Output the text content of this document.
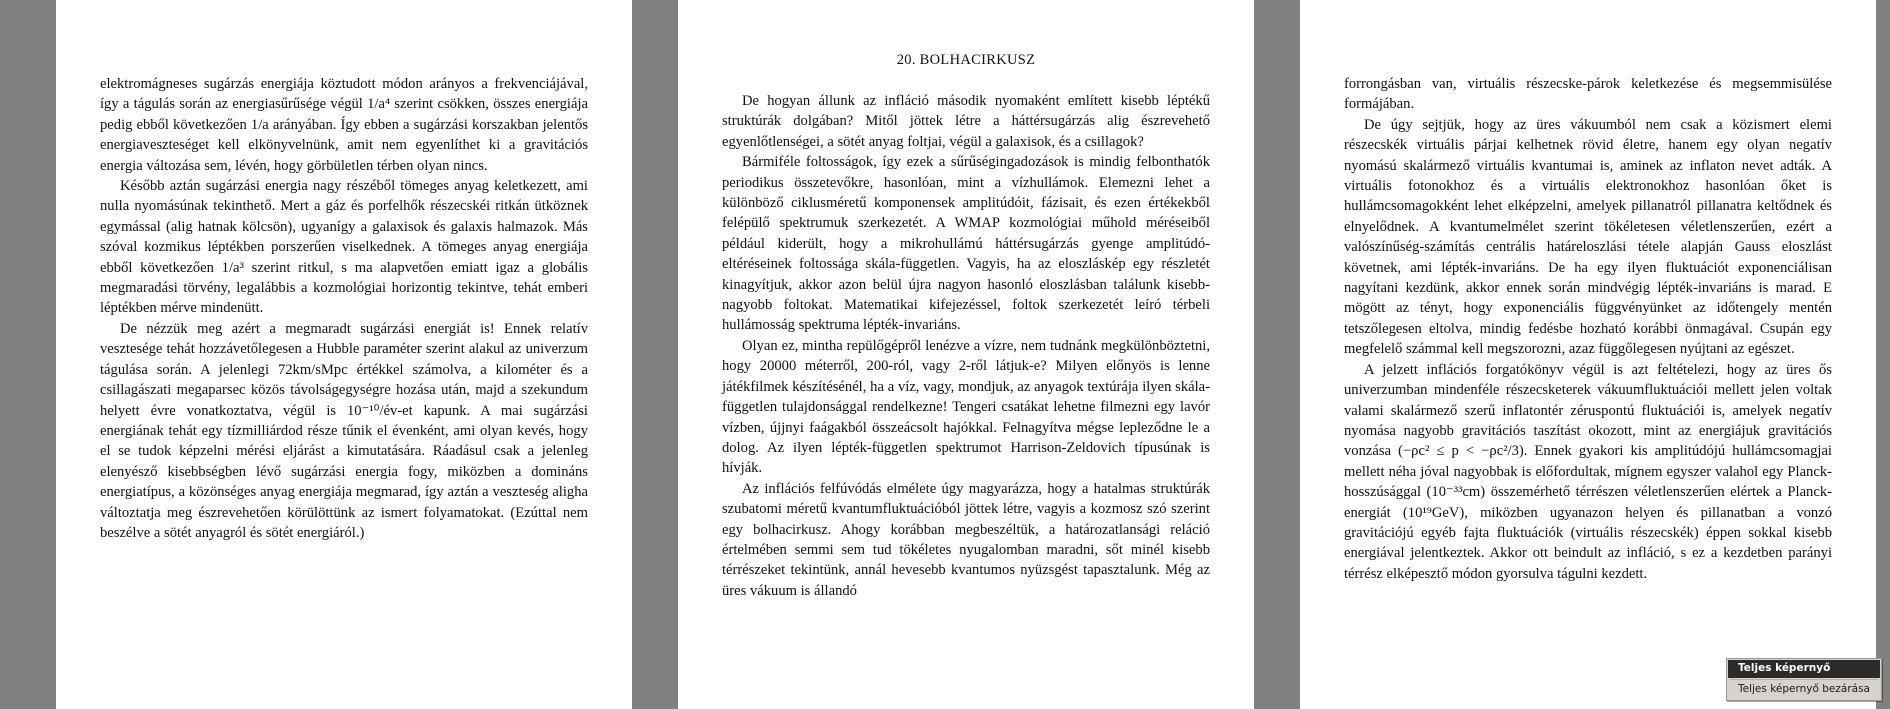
elektromágneses sugárzás energiája köztudott módon arányos a frekvenciájával, így a tágulás során az energiasűrűsége végül 1/a⁴ szerint csökken, összes energiája pedig ebből következően 1/a arányában. Így ebben a sugárzási korszakban jelentős energiaveszteséget kell elkönyvelnünk, amit nem egyenlíthet ki a gravitációs energia változása sem, lévén, hogy görbületlen térben olyan nincs.

Később aztán sugárzási energia nagy részéből tömeges anyag keletkezett, ami nulla nyomásúnak tekinthető. Mert a gáz és porfelhők részecskéi ritkán ütköznek egymással (alig hatnak kölcsön), ugyanígy a galaxisok és galaxis halmazok. Más szóval kozmikus léptékben porszerűen viselkednek. A tömeges anyag energiája ebből következően 1/a³ szerint ritkul, s ma alapvetően emiatt igaz a globális megmaradási törvény, legalábbis a kozmológiai horizontig tekintve, tehát emberi léptékben mérve mindenütt.

De nézzük meg azért a megmaradt sugárzási energiát is! Ennek relatív vesztesége tehát hozzávetőlegesen a Hubble paraméter szerint alakul az univerzum tágulása során. A jelenlegi 72km/sMpc értékkel számolva, a kilométer és a csillagászati megaparsec közös távolságegységre hozása után, majd a szekundum helyett évre vonatkoztatva, végül is 10⁻¹⁰/év-et kapunk. A mai sugárzási energiának tehát egy tízmilliárdod része tűnik el évenként, ami olyan kevés, hogy el se tudok képzelni mérési eljárást a kimutatására. Ráadásul csak a jelenleg elenyésző kisebbségben lévő sugárzási energia fogy, miközben a domináns energiatípus, a közönséges anyag energiája megmarad, így aztán a veszteség aligha változtatja meg észrevehetően körülöttünk az ismert folyamatokat. (Ezúttal nem beszélve a sötét anyagról és sötét energiáról.)

20. BOLHACIRKUSZ

De hogyan állunk az infláció második nyomaként említett kisebb léptékű struktúrák dolgában? Mitől jöttek létre a háttérsugárzás alig észrevehető egyenlőtlenségei, a sötét anyag foltjai, végül a galaxisok, és a csillagok?

Bármiféle foltosságok, így ezek a sűrűségingadozások is mindig felbonthatók periodikus összetevőkre, hasonlóan, mint a vízhullámok. Elemezni lehet a különböző ciklusméretű komponensek amplitúdóit, fázisait, és ezen értékekből felépülő spektrumuk szerkezetét. A WMAP kozmológiai műhold méréseiből például kiderült, hogy a mikrohullámú háttérsugárzás gyenge amplitúdó-eltéréseinek foltossága skála-független. Vagyis, ha az eloszláskép egy részletét kinagyítjuk, akkor azon belül újra nagyon hasonló eloszlásban találunk kisebb-nagyobb foltokat. Matematikai kifejezéssel, foltok szerkezetét leíró térbeli hullámosság spektruma lépték-invariáns.

Olyan ez, mintha repülőgépről lenézve a vízre, nem tudnánk megkülönböztetni, hogy 20000 méterről, 200-ról, vagy 2-ről látjuk-e? Milyen előnyös is lenne játékfilmek készítésénél, ha a víz, vagy, mondjuk, az anyagok textúrája ilyen skála-független tulajdonsággal rendelkezne! Tengeri csatákat lehetne filmezni egy lavór vízben, újjnyi faágakból összeácsolt hajókkal. Felnagyítva mégse lepleződne le a dolog. Az ilyen lépték-független spektrumot Harrison-Zeldovich típusúnak is hívják.

Az inflációs felfúvódás elmélete úgy magyarázza, hogy a hatalmas struktúrák szubatomi méretű kvantumfluktuációból jöttek létre, vagyis a kozmosz szó szerint egy bolhacirkusz. Ahogy korábban megbeszéltük, a határozatlansági reláció értelmében semmi sem tud tökéletes nyugalomban maradni, sőt minél kisebb térrészeket tekintünk, annál hevesebb kvantumos nyüzsgést tapasztalunk. Még az üres vákuum is állandó

forrongásban van, virtuális részecske-párok keletkezése és megsemmisülése formájában.

De úgy sejtjük, hogy az üres vákuumból nem csak a közismert elemi részecskék virtuális párjai kelhetnek rövid életre, hanem egy olyan negatív nyomású skalármező virtuális kvantumai is, aminek az inflaton nevet adták. A virtuális fotonokhoz és a virtuális elektronokhoz hasonlóan őket is hullámcsomagokként lehet elképzelni, amelyek pillanatról pillanatra keltődnek és elnyelődnek. A kvantumelmélet szerint tökéletesen véletlenszerűen, ezért a valószínűség-számítás centrális határeloszlási tétele alapján Gauss eloszlást követnek, ami lépték-invariáns. De ha egy ilyen fluktuációt exponenciálisan nagyítani kezdünk, akkor ennek során mindvégig lépték-invariáns is marad. E mögött az tényt, hogy exponenciális függvényünket az időtengely mentén tetszőlegesen eltolva, mindig fedésbe hozható korábbi önmagával. Csupán egy megfelelő számmal kell megszorozni, azaz függőlegesen nyújtani az egészet.

A jelzett inflációs forgatókönyv végül is azt feltételezi, hogy az üres ős univerzumban mindenféle részecsketerek vákuumfluktuációi mellett jelen voltak valami skalármező szerű inflatontér zéruspontú fluktuációi is, amelyek negatív nyomása nagyobb gravitációs taszítást okozott, mint az energiájuk gravitációs vonzása (−ρc² ≤ p < −ρc²/3). Ennek gyakori kis amplitúdójú hullámcsomagjai mellett néha jóval nagyobbak is előfordultak, mígnem egyszer valahol egy Planck-hosszúsággal (10⁻³³cm) összemérhető térrészen véletlenszerűen elértek a Planck-energiát (10¹⁹GeV), miközben ugyanazon helyen és pillanatban a vonzó gravitációjú egyéb fajta fluktuációk (virtuális részecskék) éppen sokkal kisebb energiával jelentkeztek. Akkor ott beindult az infláció, s ez a kezdetben parányi térrész elképesztő módon gyorsulva tágulni kezdett.

Teljes képernyő
Teljes képernyő bezárása
